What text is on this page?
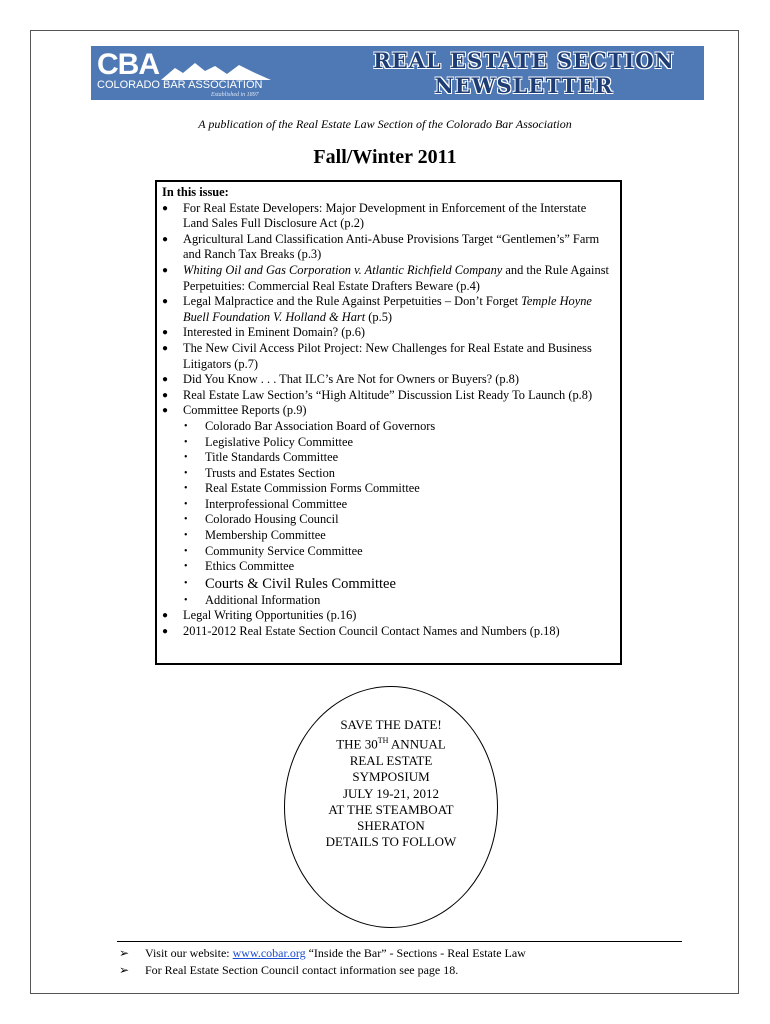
CBA
COLORADO BAR ASSOCIATION
Established in 1897
REAL ESTATE SECTION
NEWSLETTER
A publication of the Real Estate Law Section of the Colorado Bar Association
Fall/Winter 2011
In this issue:
● For Real Estate Developers: Major Development in Enforcement of the Interstate Land Sales Full Disclosure Act (p.2)
● Agricultural Land Classification Anti-Abuse Provisions Target “Gentlemen’s” Farm and Ranch Tax Breaks (p.3)
● Whiting Oil and Gas Corporation v. Atlantic Richfield Company and the Rule Against Perpetuities: Commercial Real Estate Drafters Beware (p.4)
● Legal Malpractice and the Rule Against Perpetuities – Don’t Forget Temple Hoyne Buell Foundation V. Holland & Hart (p.5)
● Interested in Eminent Domain? (p.6)
● The New Civil Access Pilot Project: New Challenges for Real Estate and Business Litigators (p.7)
● Did You Know . . . That ILC’s Are Not for Owners or Buyers? (p.8)
● Real Estate Law Section’s “High Altitude” Discussion List Ready To Launch (p.8)
● Committee Reports (p.9)
• Colorado Bar Association Board of Governors
• Legislative Policy Committee
• Title Standards Committee
• Trusts and Estates Section
• Real Estate Commission Forms Committee
• Interprofessional Committee
• Colorado Housing Council
• Membership Committee
• Community Service Committee
• Ethics Committee
• Courts & Civil Rules Committee
• Additional Information
● Legal Writing Opportunities (p.16)
● 2011-2012 Real Estate Section Council Contact Names and Numbers (p.18)
SAVE THE DATE!
THE 30TH ANNUAL
REAL ESTATE
SYMPOSIUM
JULY 19-21, 2012
AT THE STEAMBOAT
SHERATON
DETAILS TO FOLLOW
➢ Visit our website: www.cobar.org “Inside the Bar” - Sections - Real Estate Law
➢ For Real Estate Section Council contact information see page 18.
